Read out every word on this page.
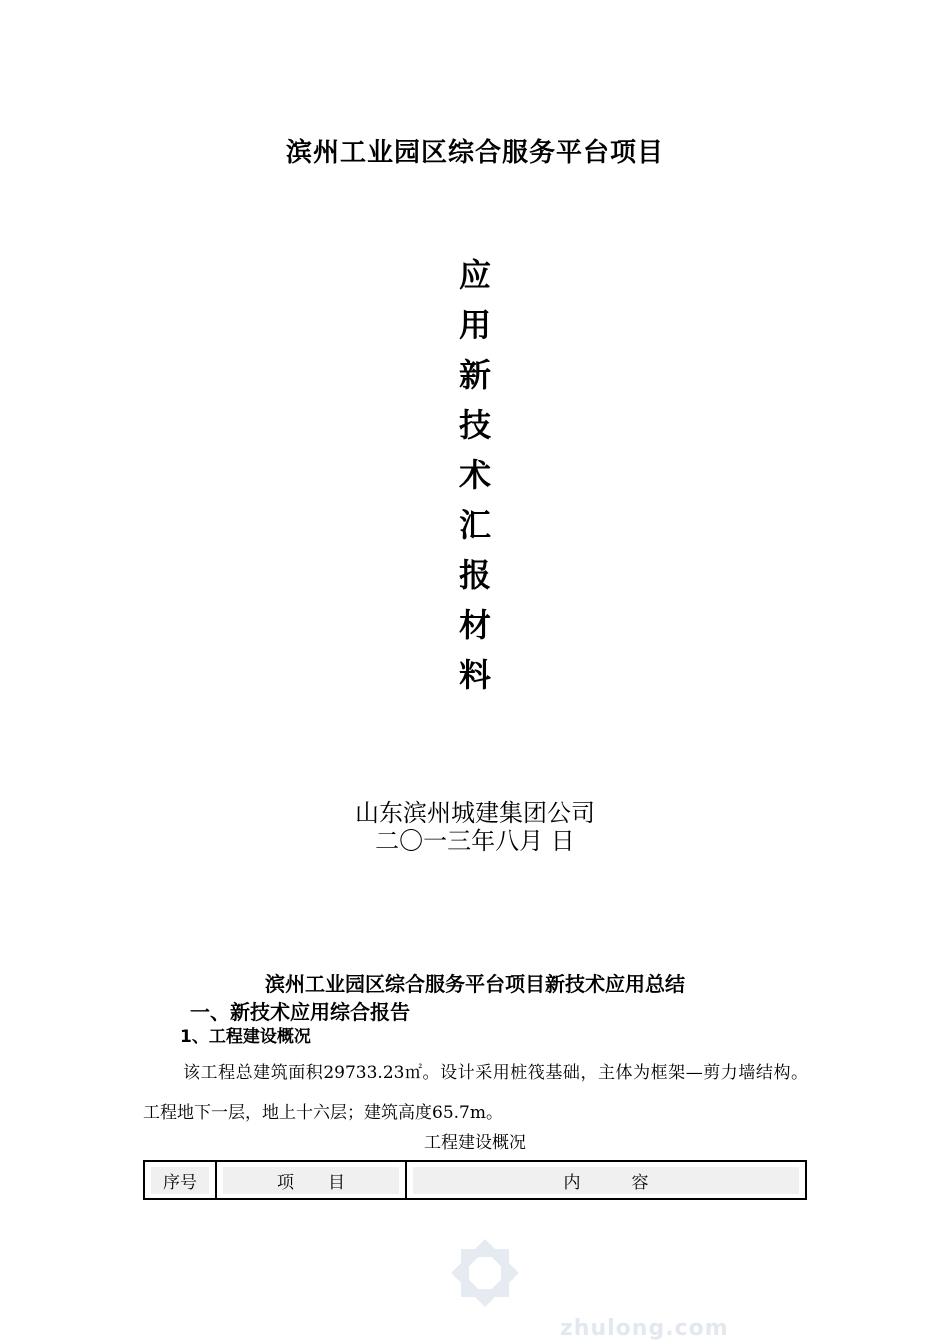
滨州工业园区综合服务平台项目
应
用
新
技
术
汇
报
材
料
山东滨州城建集团公司
二〇一三年八月 日
滨州工业园区综合服务平台项目新技术应用总结
一、新技术应用综合报告
1、工程建设概况
该工程总建筑面积29733.23㎡。设计采用桩筏基础，主体为框架—剪力墙结构。工程地下一层，地上十六层；建筑高度65.7m。
工程建设概况
序号	项　　目	内　　　容
zhulong.com
